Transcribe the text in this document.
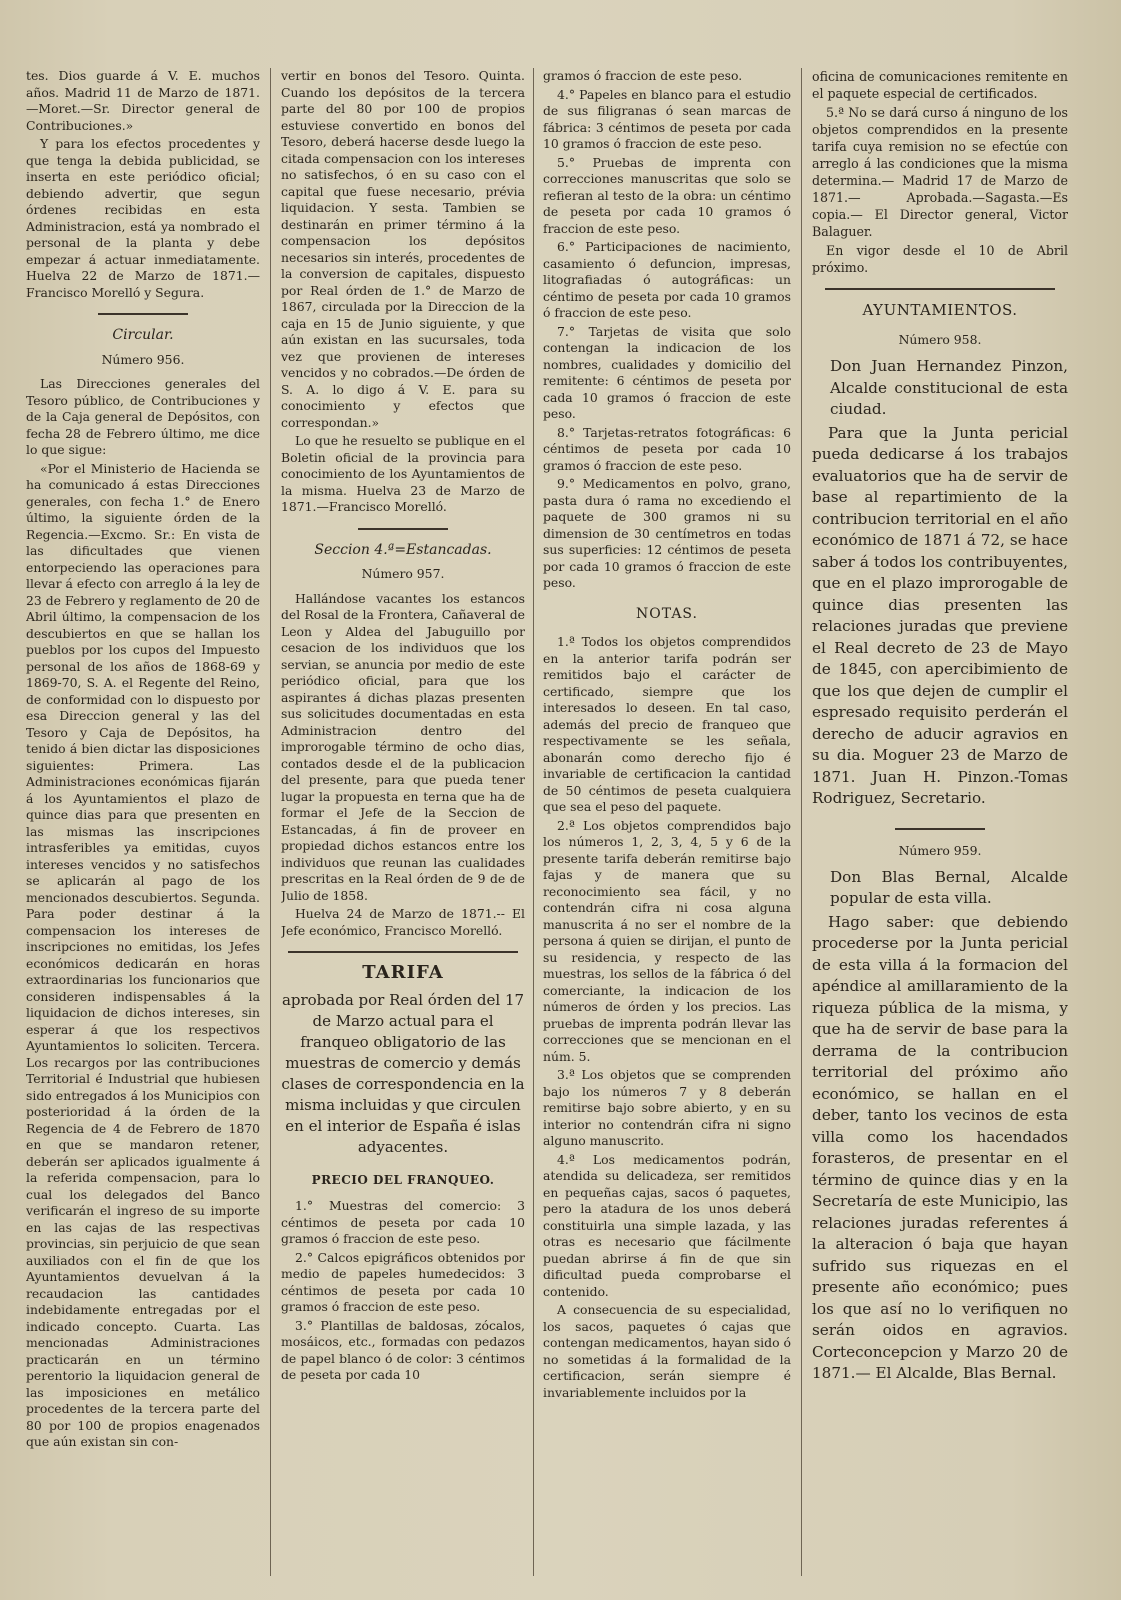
tes. Dios guarde á V. E. muchos años. Madrid 11 de Marzo de 1871. —Moret.—Sr. Director general de Contribuciones.»

Y para los efectos procedentes y que tenga la debida publicidad, se inserta en este periódico oficial; debiendo advertir, que segun órdenes recibidas en esta Administracion, está ya nombrado el personal de la planta y debe empezar á actuar inmediatamente. Huelva 22 de Marzo de 1871.—Francisco Morelló y Segura.

Circular.
Número 956.

Las Direcciones generales del Tesoro público, de Contribuciones y de la Caja general de Depósitos, con fecha 28 de Febrero último, me dice lo que sigue:

«Por el Ministerio de Hacienda se ha comunicado á estas Direcciones generales, con fecha 1.° de Enero último, la siguiente órden de la Regencia.—Excmo. Sr.: En vista de las dificultades que vienen entorpeciendo las operaciones para llevar á efecto con arreglo á la ley de 23 de Febrero y reglamento de 20 de Abril último, la compensacion de los descubiertos en que se hallan los pueblos por los cupos del Impuesto personal de los años de 1868-69 y 1869-70, S. A. el Regente del Reino, de conformidad con lo dispuesto por esa Direccion general y las del Tesoro y Caja de Depósitos, ha tenido á bien dictar las disposiciones siguientes: Primera. Las Administraciones económicas fijarán á los Ayuntamientos el plazo de quince dias para que presenten en las mismas las inscripciones intrasferibles ya emitidas, cuyos intereses vencidos y no satisfechos se aplicarán al pago de los mencionados descubiertos. Segunda. Para poder destinar á la compensacion los intereses de inscripciones no emitidas, los Jefes económicos dedicarán en horas extraordinarias los funcionarios que consideren indispensables á la liquidacion de dichos intereses, sin esperar á que los respectivos Ayuntamientos lo soliciten. Tercera. Los recargos por las contribuciones Territorial é Industrial que hubiesen sido entregados á los Municipios con posterioridad á la órden de la Regencia de 4 de Febrero de 1870 en que se mandaron retener, deberán ser aplicados igualmente á la referida compensacion, para lo cual los delegados del Banco verificarán el ingreso de su importe en las cajas de las respectivas provincias, sin perjuicio de que sean auxiliados con el fin de que los Ayuntamientos devuelvan á la recaudacion las cantidades indebidamente entregadas por el indicado concepto. Cuarta. Las mencionadas Administraciones practicarán en un término perentorio la liquidacion general de las imposiciones en metálico procedentes de la tercera parte del 80 por 100 de propios enagenados que aún existan sin con-

vertir en bonos del Tesoro. Quinta. Cuando los depósitos de la tercera parte del 80 por 100 de propios estuviese convertido en bonos del Tesoro, deberá hacerse desde luego la citada compensacion con los intereses no satisfechos, ó en su caso con el capital que fuese necesario, prévia liquidacion. Y sesta. Tambien se destinarán en primer término á la compensacion los depósitos necesarios sin interés, procedentes de la conversion de capitales, dispuesto por Real órden de 1.° de Marzo de 1867, circulada por la Direccion de la caja en 15 de Junio siguiente, y que aún existan en las sucursales, toda vez que provienen de intereses vencidos y no cobrados.—De órden de S. A. lo digo á V. E. para su conocimiento y efectos que correspondan.»

Lo que he resuelto se publique en el Boletin oficial de la provincia para conocimiento de los Ayuntamientos de la misma. Huelva 23 de Marzo de 1871.—Francisco Morelló.

Seccion 4.ª=Estancadas.
Número 957.

Hallándose vacantes los estancos del Rosal de la Frontera, Cañaveral de Leon y Aldea del Jabuguillo por cesacion de los individuos que los servian, se anuncia por medio de este periódico oficial, para que los aspirantes á dichas plazas presenten sus solicitudes documentadas en esta Administracion dentro del improrogable término de ocho dias, contados desde el de la publicacion del presente, para que pueda tener lugar la propuesta en terna que ha de formar el Jefe de la Seccion de Estancadas, á fin de proveer en propiedad dichos estancos entre los individuos que reunan las cualidades prescritas en la Real órden de 9 de de Julio de 1858.

Huelva 24 de Marzo de 1871.-- El Jefe económico, Francisco Morelló.

TARIFA
aprobada por Real órden del 17 de Marzo actual para el franqueo obligatorio de las muestras de comercio y demás clases de correspondencia en la misma incluidas y que circulen en el interior de España é islas adyacentes.
PRECIO DEL FRANQUEO.

1.° Muestras del comercio: 3 céntimos de peseta por cada 10 gramos ó fraccion de este peso.

2.° Calcos epigráficos obtenidos por medio de papeles humedecidos: 3 céntimos de peseta por cada 10 gramos ó fraccion de este peso.

3.° Plantillas de baldosas, zócalos, mosáicos, etc., formadas con pedazos de papel blanco ó de color: 3 céntimos de peseta por cada 10

gramos ó fraccion de este peso.

4.° Papeles en blanco para el estudio de sus filigranas ó sean marcas de fábrica: 3 céntimos de peseta por cada 10 gramos ó fraccion de este peso.

5.° Pruebas de imprenta con correcciones manuscritas que solo se refieran al testo de la obra: un céntimo de peseta por cada 10 gramos ó fraccion de este peso.

6.° Participaciones de nacimiento, casamiento ó defuncion, impresas, litografiadas ó autográficas: un céntimo de peseta por cada 10 gramos ó fraccion de este peso.

7.° Tarjetas de visita que solo contengan la indicacion de los nombres, cualidades y domicilio del remitente: 6 céntimos de peseta por cada 10 gramos ó fraccion de este peso.

8.° Tarjetas-retratos fotográficas: 6 céntimos de peseta por cada 10 gramos ó fraccion de este peso.

9.° Medicamentos en polvo, grano, pasta dura ó rama no excediendo el paquete de 300 gramos ni su dimension de 30 centímetros en todas sus superficies: 12 céntimos de peseta por cada 10 gramos ó fraccion de este peso.

NOTAS.

1.ª Todos los objetos comprendidos en la anterior tarifa podrán ser remitidos bajo el carácter de certificado, siempre que los interesados lo deseen. En tal caso, además del precio de franqueo que respectivamente se les señala, abonarán como derecho fijo é invariable de certificacion la cantidad de 50 céntimos de peseta cualquiera que sea el peso del paquete.

2.ª Los objetos comprendidos bajo los números 1, 2, 3, 4, 5 y 6 de la presente tarifa deberán remitirse bajo fajas y de manera que su reconocimiento sea fácil, y no contendrán cifra ni cosa alguna manuscrita á no ser el nombre de la persona á quien se dirijan, el punto de su residencia, y respecto de las muestras, los sellos de la fábrica ó del comerciante, la indicacion de los números de órden y los precios. Las pruebas de imprenta podrán llevar las correcciones que se mencionan en el núm. 5.

3.ª Los objetos que se comprenden bajo los números 7 y 8 deberán remitirse bajo sobre abierto, y en su interior no contendrán cifra ni signo alguno manuscrito.

4.ª Los medicamentos podrán, atendida su delicadeza, ser remitidos en pequeñas cajas, sacos ó paquetes, pero la atadura de los unos deberá constituirla una simple lazada, y las otras es necesario que fácilmente puedan abrirse á fin de que sin dificultad pueda comprobarse el contenido.

A consecuencia de su especialidad, los sacos, paquetes ó cajas que contengan medicamentos, hayan sido ó no sometidas á la formalidad de la certificacion, serán siempre é invariablemente incluidos por la

oficina de comunicaciones remitente en el paquete especial de certificados.

5.ª No se dará curso á ninguno de los objetos comprendidos en la presente tarifa cuya remision no se efectúe con arreglo á las condiciones que la misma determina.— Madrid 17 de Marzo de 1871.— Aprobada.—Sagasta.—Es copia.— El Director general, Victor Balaguer.

En vigor desde el 10 de Abril próximo.

AYUNTAMIENTOS.
Número 958.

Don Juan Hernandez Pinzon, Alcalde constitucional de esta ciudad.

Para que la Junta pericial pueda dedicarse á los trabajos evaluatorios que ha de servir de base al repartimiento de la contribucion territorial en el año económico de 1871 á 72, se hace saber á todos los contribuyentes, que en el plazo improrogable de quince dias presenten las relaciones juradas que previene el Real decreto de 23 de Mayo de 1845, con apercibimiento de que los que dejen de cumplir el espresado requisito perderán el derecho de aducir agravios en su dia. Moguer 23 de Marzo de 1871. Juan H. Pinzon.-Tomas Rodriguez, Secretario.

Número 959.

Don Blas Bernal, Alcalde popular de esta villa.

Hago saber: que debiendo procederse por la Junta pericial de esta villa á la formacion del apéndice al amillaramiento de la riqueza pública de la misma, y que ha de servir de base para la derrama de la contribucion territorial del próximo año económico, se hallan en el deber, tanto los vecinos de esta villa como los hacendados forasteros, de presentar en el término de quince dias y en la Secretaría de este Municipio, las relaciones juradas referentes á la alteracion ó baja que hayan sufrido sus riquezas en el presente año económico; pues los que así no lo verifiquen no serán oidos en agravios. Corteconcepcion y Marzo 20 de 1871.— El Alcalde, Blas Bernal.
